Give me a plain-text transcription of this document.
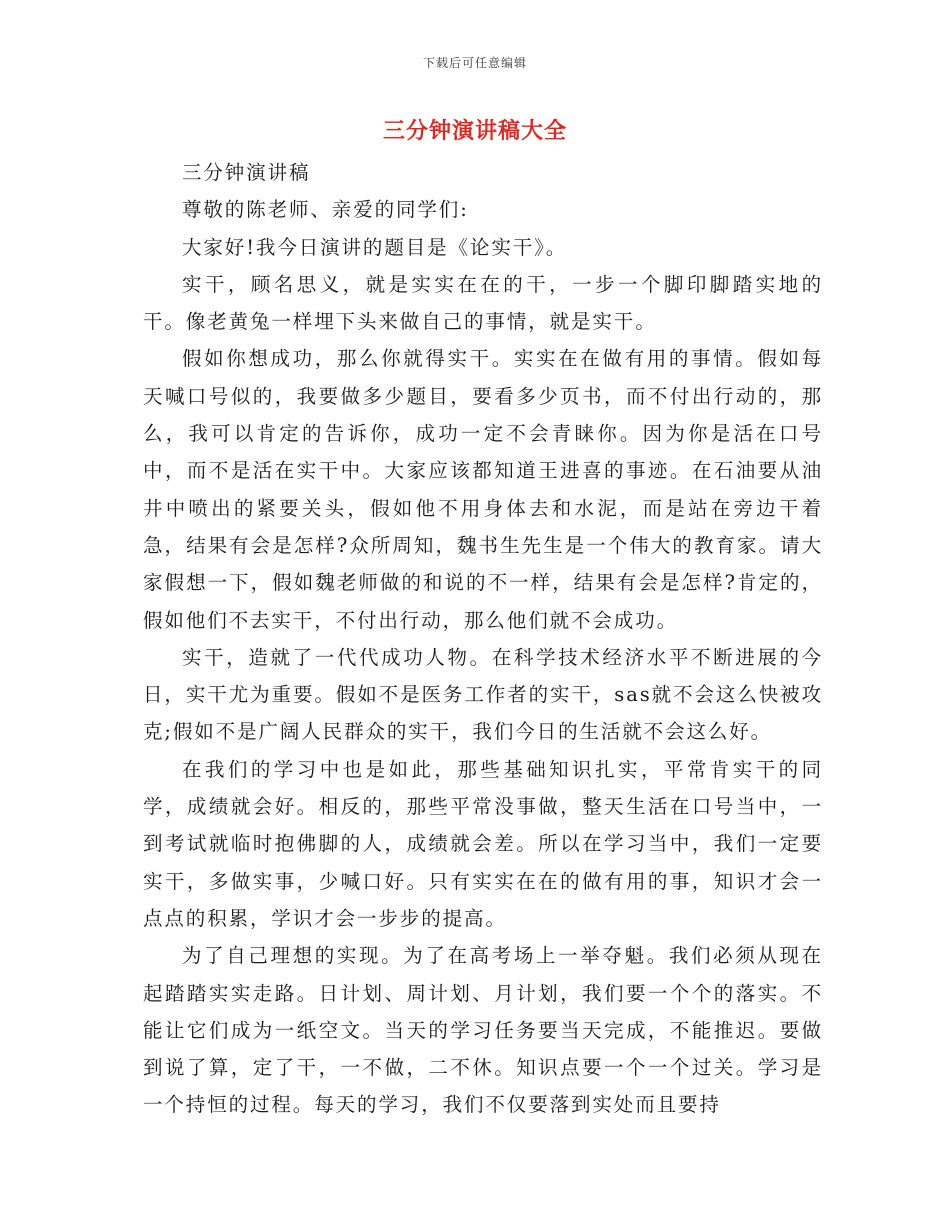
下载后可任意编辑
三分钟演讲稿大全

三分钟演讲稿

尊敬的陈老师、亲爱的同学们:

大家好!我今日演讲的题目是《论实干》。

实干，顾名思义，就是实实在在的干，一步一个脚印脚踏实地的干。像老黄兔一样埋下头来做自己的事情，就是实干。

假如你想成功，那么你就得实干。实实在在做有用的事情。假如每天喊口号似的，我要做多少题目，要看多少页书，而不付出行动的，那么，我可以肯定的告诉你，成功一定不会青睐你。因为你是活在口号中，而不是活在实干中。大家应该都知道王进喜的事迹。在石油要从油井中喷出的紧要关头，假如他不用身体去和水泥，而是站在旁边干着急，结果有会是怎样?众所周知，魏书生先生是一个伟大的教育家。请大家假想一下，假如魏老师做的和说的不一样，结果有会是怎样?肯定的，假如他们不去实干，不付出行动，那么他们就不会成功。

实干，造就了一代代成功人物。在科学技术经济水平不断进展的今日，实干尤为重要。假如不是医务工作者的实干，sas就不会这么快被攻克;假如不是广阔人民群众的实干，我们今日的生活就不会这么好。

在我们的学习中也是如此，那些基础知识扎实，平常肯实干的同学，成绩就会好。相反的，那些平常没事做，整天生活在口号当中，一到考试就临时抱佛脚的人，成绩就会差。所以在学习当中，我们一定要实干，多做实事，少喊口好。只有实实在在的做有用的事，知识才会一点点的积累，学识才会一步步的提高。

为了自己理想的实现。为了在高考场上一举夺魁。我们必须从现在起踏踏实实走路。日计划、周计划、月计划，我们要一个个的落实。不能让它们成为一纸空文。当天的学习任务要当天完成，不能推迟。要做到说了算，定了干，一不做，二不休。知识点要一个一个过关。学习是一个持恒的过程。每天的学习，我们不仅要落到实处而且要持
